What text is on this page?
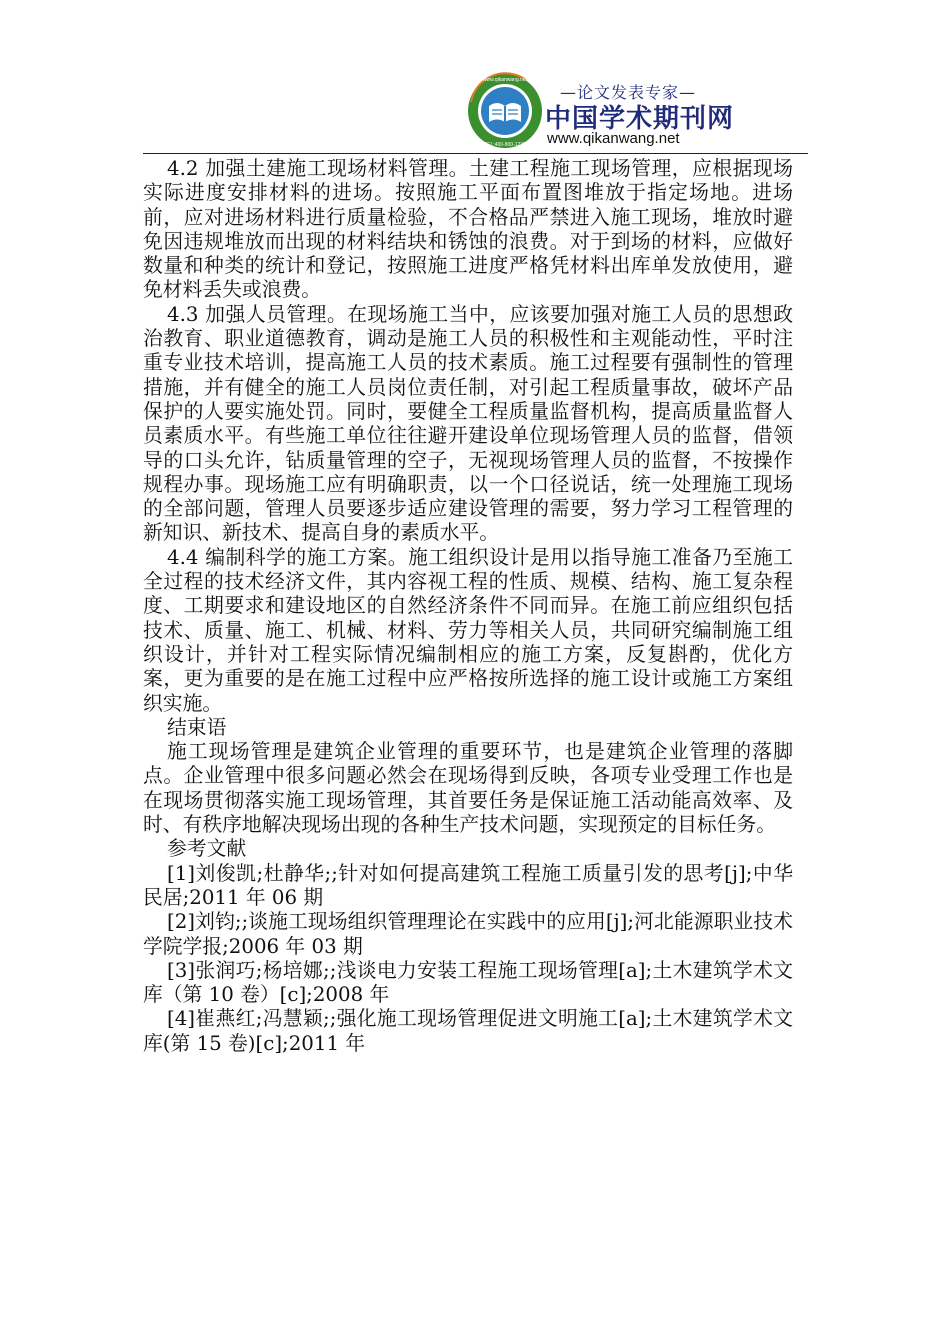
www.qikanwang.net
TEL:400-800-1233
—论文发表专家—
中国学术期刊网
www.qikanwang.net

4.2 加强土建施工现场材料管理。土建工程施工现场管理，应根据现场实际进度安排材料的进场。按照施工平面布置图堆放于指定场地。进场前，应对进场材料进行质量检验，不合格品严禁进入施工现场，堆放时避免因违规堆放而出现的材料结块和锈蚀的浪费。对于到场的材料，应做好数量和种类的统计和登记，按照施工进度严格凭材料出库单发放使用，避免材料丢失或浪费。

4.3 加强人员管理。在现场施工当中，应该要加强对施工人员的思想政治教育、职业道德教育，调动是施工人员的积极性和主观能动性，平时注重专业技术培训，提高施工人员的技术素质。施工过程要有强制性的管理措施，并有健全的施工人员岗位责任制，对引起工程质量事故，破坏产品保护的人要实施处罚。同时，要健全工程质量监督机构，提高质量监督人员素质水平。有些施工单位往往避开建设单位现场管理人员的监督，借领导的口头允许，钻质量管理的空子，无视现场管理人员的监督，不按操作规程办事。现场施工应有明确职责，以一个口径说话，统一处理施工现场的全部问题，管理人员要逐步适应建设管理的需要，努力学习工程管理的新知识、新技术、提高自身的素质水平。

4.4 编制科学的施工方案。施工组织设计是用以指导施工准备乃至施工全过程的技术经济文件，其内容视工程的性质、规模、结构、施工复杂程度、工期要求和建设地区的自然经济条件不同而异。在施工前应组织包括技术、质量、施工、机械、材料、劳力等相关人员，共同研究编制施工组织设计，并针对工程实际情况编制相应的施工方案，反复斟酌，优化方案，更为重要的是在施工过程中应严格按所选择的施工设计或施工方案组织实施。

结束语

施工现场管理是建筑企业管理的重要环节，也是建筑企业管理的落脚点。企业管理中很多问题必然会在现场得到反映，各项专业受理工作也是在现场贯彻落实施工现场管理，其首要任务是保证施工活动能高效率、及时、有秩序地解决现场出现的各种生产技术问题，实现预定的目标任务。

参考文献

[1]刘俊凯;杜静华;;针对如何提高建筑工程施工质量引发的思考[j];中华民居;2011 年 06 期

[2]刘钧;;谈施工现场组织管理理论在实践中的应用[j];河北能源职业技术学院学报;2006 年 03 期

[3]张润巧;杨培娜;;浅谈电力安装工程施工现场管理[a];土木建筑学术文库（第 10 卷）[c];2008 年

[4]崔燕红;冯慧颖;;强化施工现场管理促进文明施工[a];土木建筑学术文库(第 15 卷)[c];2011 年
